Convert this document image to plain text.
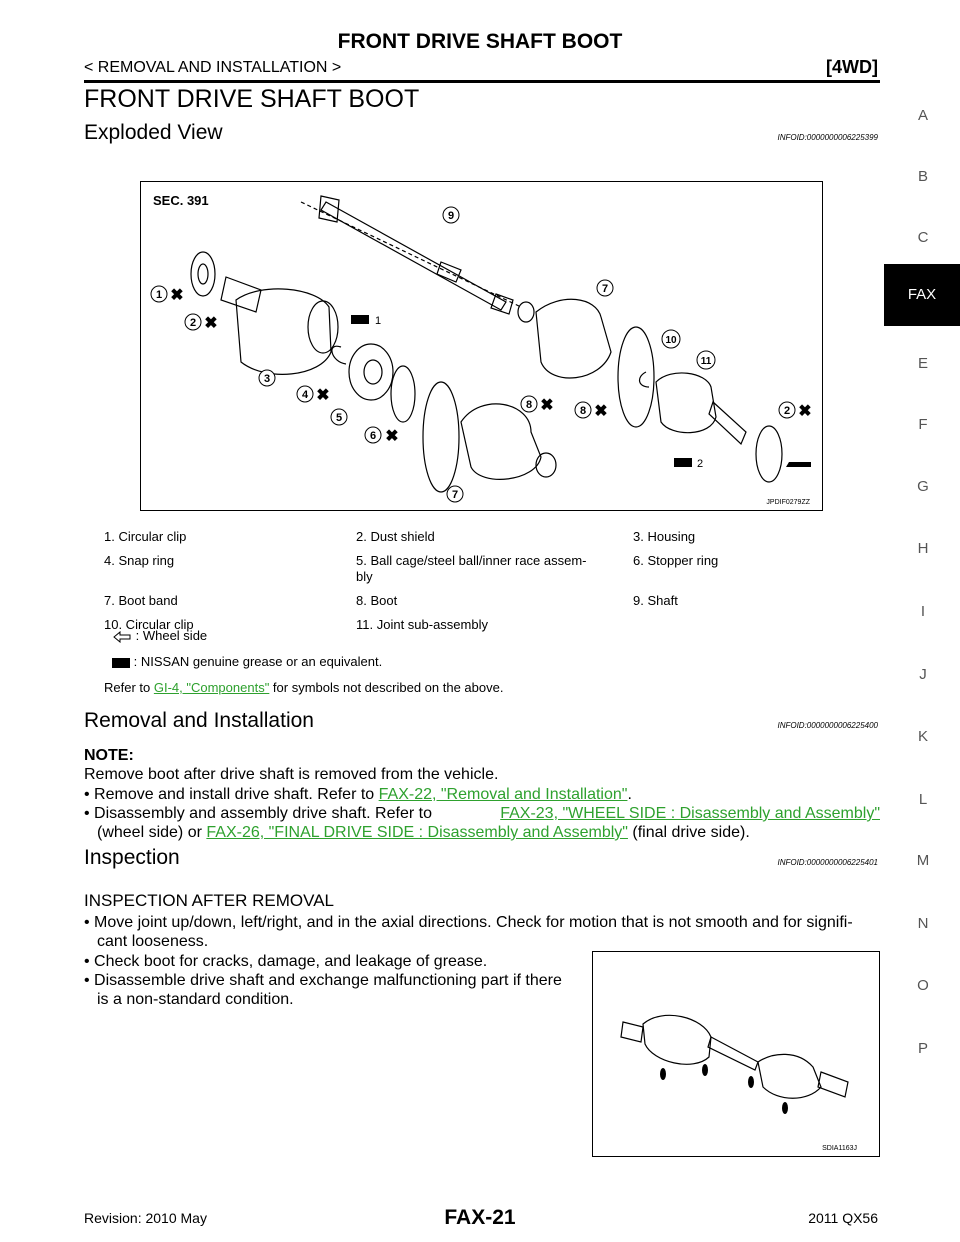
FRONT DRIVE SHAFT BOOT
< REMOVAL AND INSTALLATION >	[4WD]
FRONT DRIVE SHAFT BOOT
Exploded View	INFOID:0000000006225399
SEC. 391
1 ✖
2 ✖
3
4 ✖
5
6 ✖
7
8 ✖ 8 ✖
9
7
10
11
2 ✖
1
2
JPDIF0279ZZ
1. Circular clip	2. Dust shield	3. Housing
4. Snap ring	5. Ball cage/steel ball/inner race assem-
bly	6. Stopper ring
7. Boot band	8. Boot	9. Shaft
10. Circular clip	11. Joint sub-assembly	
: Wheel side
: NISSAN genuine grease or an equivalent.
Refer to GI-4, "Components" for symbols not described on the above.
Removal and Installation	INFOID:0000000006225400
NOTE:
Remove boot after drive shaft is removed from the vehicle.
• Remove and install drive shaft. Refer to FAX-22, "Removal and Installation".
• Disassembly and assembly drive shaft. Refer to	FAX-23, "WHEEL SIDE : Disassembly and Assembly"
(wheel side) or FAX-26, "FINAL DRIVE SIDE : Disassembly and Assembly" (final drive side).
Inspection	INFOID:0000000006225401
INSPECTION AFTER REMOVAL
• Move joint up/down, left/right, and in the axial directions. Check for motion that is not smooth and for signifi-
cant looseness.
• Check boot for cracks, damage, and leakage of grease.
• Disassemble drive shaft and exchange malfunctioning part if there
is a non-standard condition.
SDIA1163J
A
B
C
FAX
E
F
G
H
I
J
K
L
M
N
O
P
Revision: 2010 May	FAX-21	2011 QX56
